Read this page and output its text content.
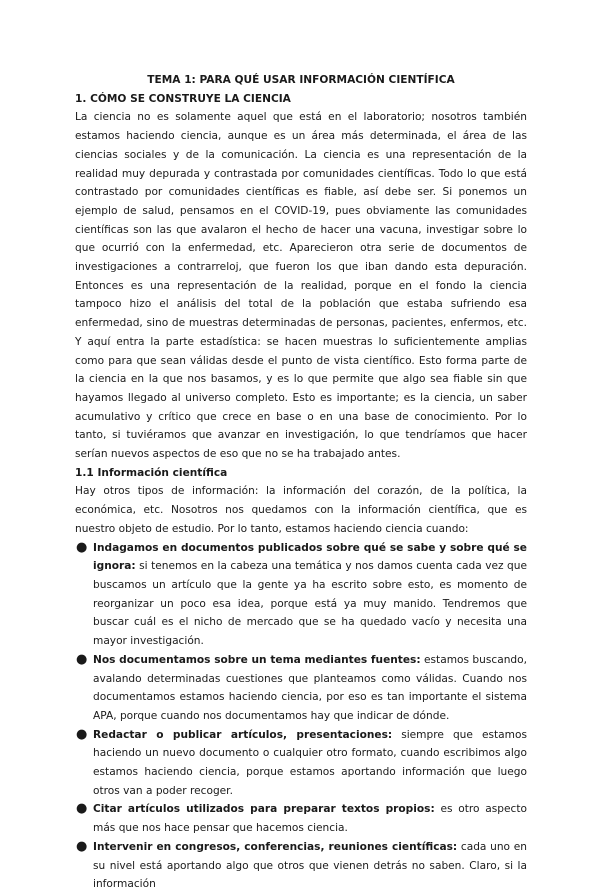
TEMA 1: PARA QUÉ USAR INFORMACIÓN CIENTÍFICA

1. CÓMO SE CONSTRUYE LA CIENCIA

La ciencia no es solamente aquel que está en el laboratorio; nosotros también estamos haciendo ciencia, aunque es un área más determinada, el área de las ciencias sociales y de la comunicación. La ciencia es una representación de la realidad muy depurada y contrastada por comunidades científicas. Todo lo que está contrastado por comunidades científicas es fiable, así debe ser. Si ponemos un ejemplo de salud, pensamos en el COVID-19, pues obviamente las comunidades científicas son las que avalaron el hecho de hacer una vacuna, investigar sobre lo que ocurrió con la enfermedad, etc. Aparecieron otra serie de documentos de investigaciones a contrarreloj, que fueron los que iban dando esta depuración. Entonces es una representación de la realidad, porque en el fondo la ciencia tampoco hizo el análisis del total de la población que estaba sufriendo esa enfermedad, sino de muestras determinadas de personas, pacientes, enfermos, etc. Y aquí entra la parte estadística: se hacen muestras lo suficientemente amplias como para que sean válidas desde el punto de vista científico. Esto forma parte de la ciencia en la que nos basamos, y es lo que permite que algo sea fiable sin que hayamos llegado al universo completo. Esto es importante; es la ciencia, un saber acumulativo y crítico que crece en base o en una base de conocimiento. Por lo tanto, si tuviéramos que avanzar en investigación, lo que tendríamos que hacer serían nuevos aspectos de eso que no se ha trabajado antes.

1.1 Información científica

Hay otros tipos de información: la información del corazón, de la política, la económica, etc. Nosotros nos quedamos con la información científica, que es nuestro objeto de estudio. Por lo tanto, estamos haciendo ciencia cuando:

● Indagamos en documentos publicados sobre qué se sabe y sobre qué se ignora: si tenemos en la cabeza una temática y nos damos cuenta cada vez que buscamos un artículo que la gente ya ha escrito sobre esto, es momento de reorganizar un poco esa idea, porque está ya muy manido. Tendremos que buscar cuál es el nicho de mercado que se ha quedado vacío y necesita una mayor investigación.
● Nos documentamos sobre un tema mediantes fuentes: estamos buscando, avalando determinadas cuestiones que planteamos como válidas. Cuando nos documentamos estamos haciendo ciencia, por eso es tan importante el sistema APA, porque cuando nos documentamos hay que indicar de dónde.
● Redactar o publicar artículos, presentaciones: siempre que estamos haciendo un nuevo documento o cualquier otro formato, cuando escribimos algo estamos haciendo ciencia, porque estamos aportando información que luego otros van a poder recoger.
● Citar artículos utilizados para preparar textos propios: es otro aspecto más que nos hace pensar que hacemos ciencia.
● Intervenir en congresos, conferencias, reuniones científicas: cada uno en su nivel está aportando algo que otros que vienen detrás no saben. Claro, si la información
